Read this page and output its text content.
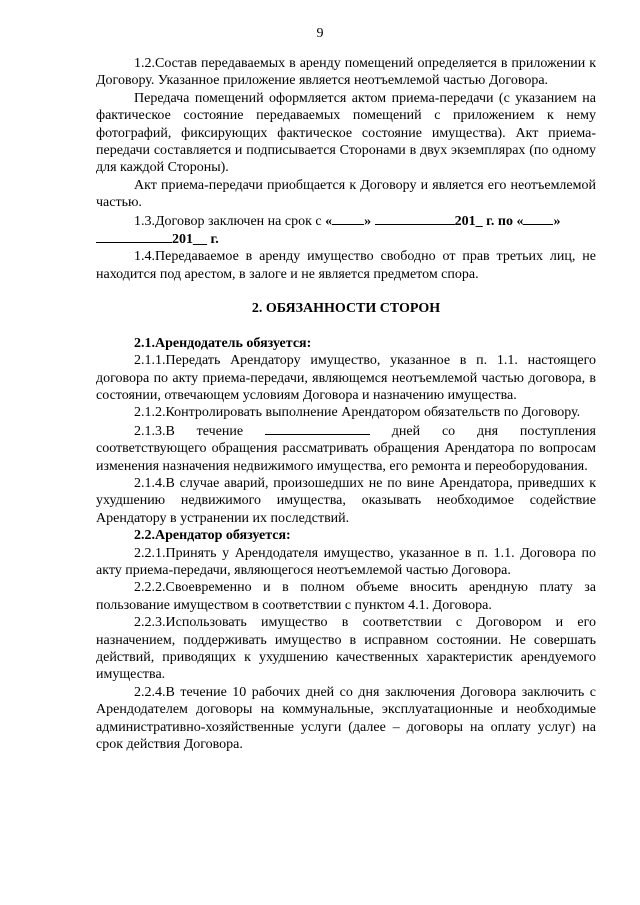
9

1.2.Состав передаваемых в аренду помещений определяется в приложении к Договору. Указанное приложение является неотъемлемой частью Договора.

Передача помещений оформляется актом приема-передачи (с указанием на фактическое состояние передаваемых помещений с приложением к нему фотографий, фиксирующих фактическое состояние имущества). Акт приема-передачи составляется и подписывается Сторонами в двух экземплярах (по одному для каждой Стороны).

Акт приема-передачи приобщается к Договору и является его неотъемлемой частью.

1.3.Договор заключен на срок с « »	201_ г. по « »
201__ г.

1.4.Передаваемое в аренду имущество свободно от прав третьих лиц, не находится под арестом, в залоге и не является предметом спора.

2. ОБЯЗАННОСТИ СТОРОН

2.1.Арендодатель обязуется:

2.1.1.Передать Арендатору имущество, указанное в п. 1.1. настоящего договора по акту приема-передачи, являющемся неотъемлемой частью договора, в состоянии, отвечающем условиям Договора и назначению имущества.

2.1.2.Контролировать выполнение Арендатором обязательств по Договору.

2.1.3.В течение	дней со дня поступления соответствующего обращения рассматривать обращения Арендатора по вопросам изменения назначения недвижимого имущества, его ремонта и переоборудования.

2.1.4.В случае аварий, произошедших не по вине Арендатора, приведших к ухудшению недвижимого имущества, оказывать необходимое содействие Арендатору в устранении их последствий.

2.2.Арендатор обязуется:

2.2.1.Принять у Арендодателя имущество, указанное в п. 1.1. Договора по акту приема-передачи, являющегося неотъемлемой частью Договора.

2.2.2.Своевременно и в полном объеме вносить арендную плату за пользование имуществом в соответствии с пунктом 4.1. Договора.

2.2.3.Использовать имущество в соответствии с Договором и его назначением, поддерживать имущество в исправном состоянии. Не совершать действий, приводящих к ухудшению качественных характеристик арендуемого имущества.

2.2.4.В течение 10 рабочих дней со дня заключения Договора заключить с Арендодателем договоры на коммунальные, эксплуатационные и необходимые административно-хозяйственные услуги (далее – договоры на оплату услуг) на срок действия Договора.
